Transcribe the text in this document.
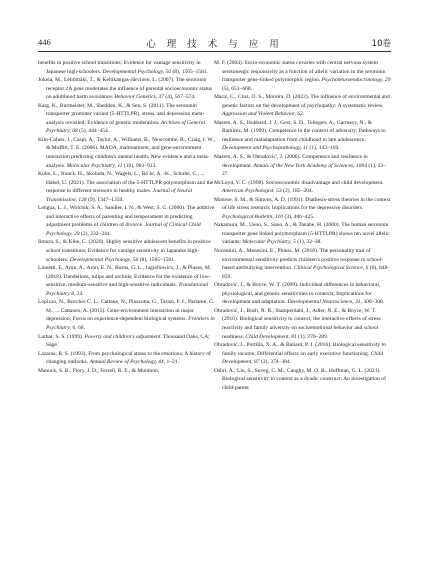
446	心 理 技 术 与 应 用	10卷

benefits in positive school transitions; Evidence for vantage sensitivity in Japanese high-schoolers. Developmental Psychology, 56 (8), 1565–1581.

Jokela, M., Lehtimäki, T., & Keltikangas-Järvinen, L. (2007). The serotonin receptor 2A gene moderates the influence of parental socioeconomic status on adulthood harm avoidance. Behavior Genetics, 37 (4), 567–574.

Karg, K., Burmeister, M., Shedden, K., & Sen, S. (2011). The serotonin transporter promoter variant (5-HTTLPR), stress, and depression meta-analysis revisited; Evidence of genetic moderation. Archives of General Psychiatry, 68 (5), 444–454.

Kim-Cohen, J., Caspi, A., Taylor, A., Williams, B., Newcombe, R., Craig, I. W., & Moffitt, T. E. (2006). MAOA, maltreatment, and gene-environment interaction predicting children's mental health; New evidence and a meta-analysis. Molecular Psychiatry, 11 (10), 903–913.

Kuhn, L., Noack, H., Skoluda, N., Wagels, L., Rö hr, A. -K., Schulte, C., ... Habel, U. (2021). The association of the 5-HTTLPR polymorphism and the response to different stressors in healthy males. Journal of Neural Transmission, 128 (9), 1347–1359.

Lengua, L. J., Wolchik, S. A., Sandler, I. N., & West, S. G. (2000). The additive and interactive effects of parenting and temperament in predicting adjustment problems of children of divorce. Journal of Clinical Child Psychology, 29 (2), 232–244.

Iimura, S., & Kibe, C. (2020). Highly sensitive adolescent benefits in positive school transitions; Evidence for vantage sensitivity in Japanese high-schoolers. Developmental Psychology, 56 (8), 1565–1581.

Lionetti, F., Aron, A., Aron, E. N., Burns, G. L., Jagiellowicz, J., & Pluess, M. (2018). Dandelions, tulips and orchids; Evidence for the existence of low-sensitive, medium-sensitive and high-sensitive individuals. Translational Psychiatry 8, 24.

Lopizzo, N., Bocchio C. L., Cattane, N., Plazzotta, G., Tarazi, F. I., Pariante, C. M., ... Cattaneo, A. (2015). Gene-environment interaction in major depression; Focus on experience-dependent biological systems. Frontiers in Psychiatry, 6, 68.

Luthar, S. S. (1999). Poverty and children's adjustment. Thousand Oaks, CA; Sage.

Lazarus, R. S. (1993). From psychological stress to the emotions; A history of changing outlooks. Annual Review of Psychology, 44, 1–21.

Manuck, S. B., Flory, J. D., Ferrell, R. E., & Muldoon,

M. F. (2004). Socio-economic status covaries with central nervous system serotonergic responsivity as a function of allelic variation in the serotonin transporter gene-linked polymorphic region. Psychoneuroendocrinology, 29 (5), 651–668.

Mariz, C., Cruz, O. S., Moreira, D. (2022). The influence of environmental and genetic factors on the development of psychopathy; A systematic review. Aggression and Violent Behavior, 62.

Masten, A. S., Hubbard, J. J., Gest, S. D., Tellegen, A., Garmezy, N., & Ramirez, M. (1999). Competence in the context of adversity; Pathways to resilience and maladaptation from childhood to late adolescence. Development and Psychopathology, 11 (1), 143–169.

Masten, A. S., & Obradovic', J. (2006). Competence and resilience in development. Annals of the New York Academy of Sciences, 1094 (1), 13–27.

McLoyd, V. C. (1998). Socioeconomic disadvantage and child development. American Psychologist, 53 (2), 185–204.

Monroe, S. M., & Simons, A. D. (1991). Diathesis-stress theories in the context of life stress research; Implications for the depressive disorders. Psychological Bulletin, 110 (3), 406–425.

Nakamura, M., Ueno, S., Sano, A., & Tanabe, H. (2000). The human serotonin transporter gene linked polymorphism (5-HTTLPR) shows ten novel allelic variants. Molecular Psychiatry, 5 (1), 32–38.

Nocentini, A., Menesini, E., Pluess, M. (2018). The personality trait of environmental sensitivity predicts children's positive response to school-based antibullying intervention. Clinical Psychological Science, 6 (6), 848–859.

Obradović, J., & Boyce, W. T. (2009). Individual differences in behavioral, physiological, and genetic sensitivities to contexts; Implications for development and adaptation. Developmental Neuroscience, 31, 300–308.

Obradović, J., Bush, N. R., Stamperdahl, J., Adler, N. E., & Boyce, W. T. (2010). Biological sensitivity to context; the interactive effects of stress reactivity and family adversity on socioemotional behavior and school readiness. Child Development, 81 (1), 270–289.

Obradović, J., Portilla, X. A., & Ballard, P. J. (2016). Biological sensitivity to family income; Differential effects on early executive functioning. Child Development, 87 (2), 374–384.

Oshri, A., Liu, S., Suveg, C. M., Caughy, M. O. B., Huffman, G. L. (2021). Biological sensitivity to context as a dyadic construct; An investigation of child-parent
